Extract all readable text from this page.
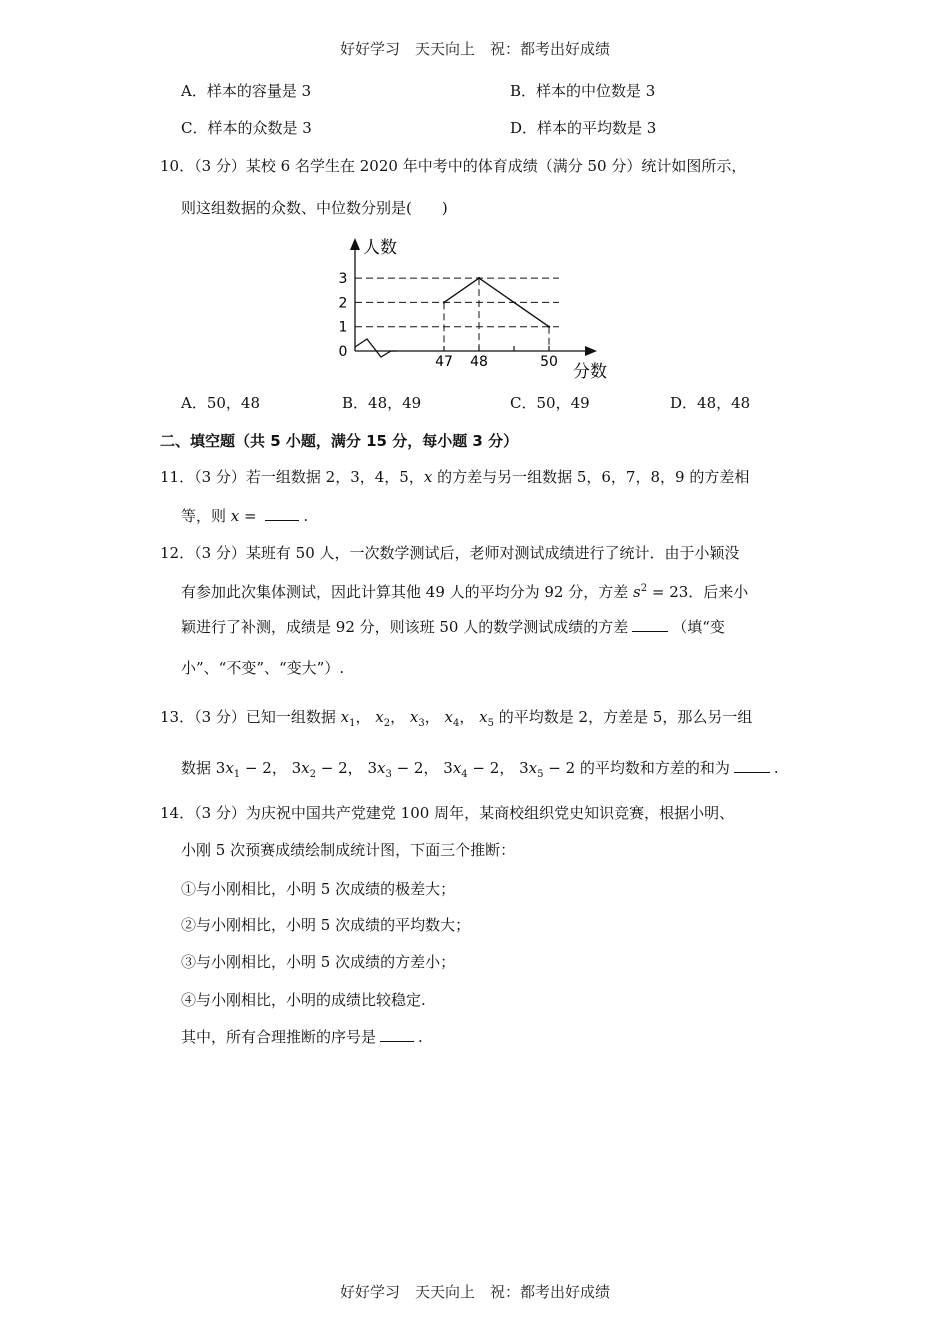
好好学习　天天向上　祝：都考出好成绩
A．样本的容量是 3	B．样本的中位数是 3
C．样本的众数是 3	D．样本的平均数是 3
10．（3 分）某校 6 名学生在 2020 年中考中的体育成绩（满分 50 分）统计如图所示，
则这组数据的众数、中位数分别是(　　)
0
1
2
3
47 48	50
人数
分数
A．50，48	B．48，49	C．50，49	D．48，48
二、填空题（共 5 小题，满分 15 分，每小题 3 分）
11．（3 分）若一组数据 2，3，4，5，x 的方差与另一组数据 5，6，7，8，9 的方差相
等，则 x =	.
12．（3 分）某班有 50 人，一次数学测试后，老师对测试成绩进行了统计．由于小颖没
有参加此次集体测试，因此计算其他 49 人的平均分为 92 分，方差 $s^2 = 23$．后来小
颖进行了补测，成绩是 92 分，则该班 50 人的数学测试成绩的方差	（填“变
小”、“不变”、“变大”）.
13．（3 分）已知一组数据 $x_1$， $x_2$， $x_3$， $x_4$， $x_5$ 的平均数是 2，方差是 5，那么另一组
数据 $3x_1 - 2$， $3x_2 - 2$， $3x_3 - 2$， $3x_4 - 2$， $3x_5 - 2$ 的平均数和方差的和为	.
14．（3 分）为庆祝中国共产党建党 100 周年，某商校组织党史知识竞赛，根据小明、
小刚 5 次预赛成绩绘制成统计图，下面三个推断：
①与小刚相比，小明 5 次成绩的极差大；
②与小刚相比，小明 5 次成绩的平均数大；
③与小刚相比，小明 5 次成绩的方差小；
④与小刚相比，小明的成绩比较稳定.
其中，所有合理推断的序号是	.
好好学习　天天向上　祝：都考出好成绩
